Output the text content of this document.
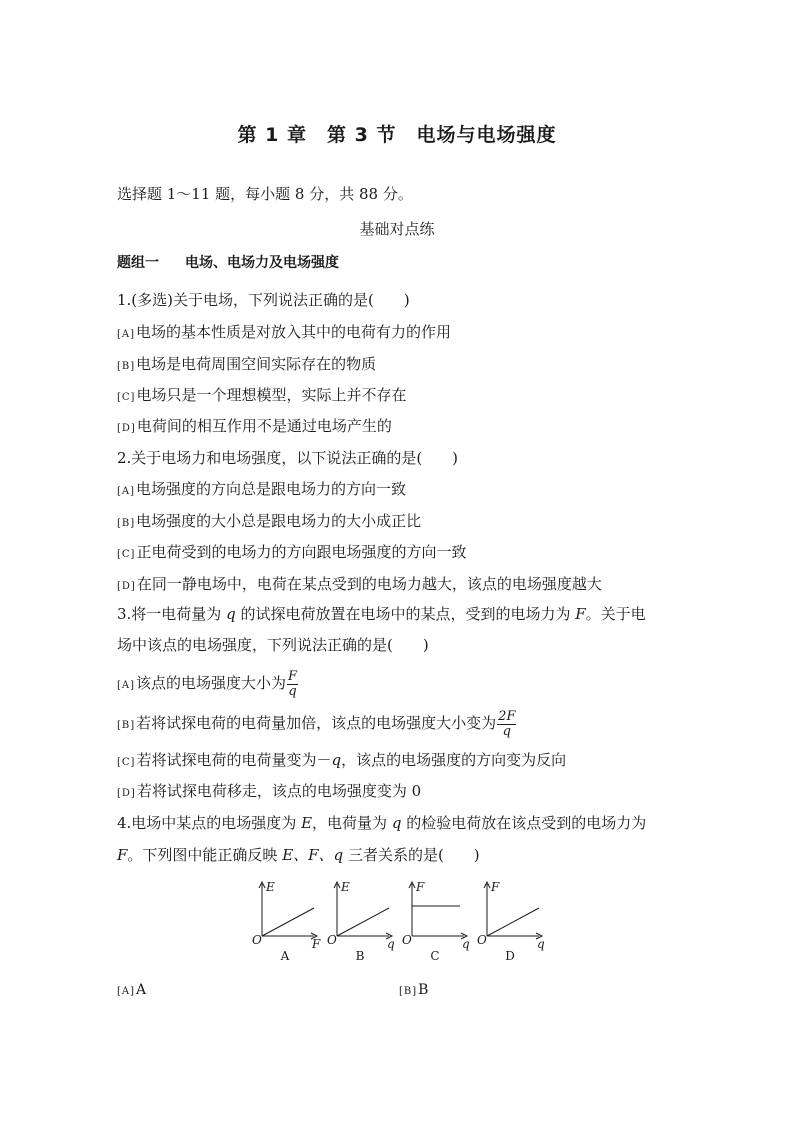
第 1 章　第 3 节　电场与电场强度
选择题 1～11 题，每小题 8 分，共 88 分。
基础对点练
题组一 电场、电场力及电场强度
1.(多选)关于电场，下列说法正确的是(　　)
[A]电场的基本性质是对放入其中的电荷有力的作用
[B]电场是电荷周围空间实际存在的物质
[C]电场只是一个理想模型，实际上并不存在
[D]电荷间的相互作用不是通过电场产生的
2.关于电场力和电场强度，以下说法正确的是(　　)
[A]电场强度的方向总是跟电场力的方向一致
[B]电场强度的大小总是跟电场力的大小成正比
[C]正电荷受到的电场力的方向跟电场强度的方向一致
[D]在同一静电场中，电荷在某点受到的电场力越大，该点的电场强度越大
3.将一电荷量为 q 的试探电荷放置在电场中的某点，受到的电场力为 F。关于电
场中该点的电场强度，下列说法正确的是(　　)
[A]该点的电场强度大小为 $\frac{F}{q}$
[B]若将试探电荷的电荷量加倍，该点的电场强度大小变为 $\frac{2F}{q}$
[C]若将试探电荷的电荷量变为－q，该点的电场强度的方向变为反向
[D]若将试探电荷移走，该点的电场强度变为 0
4.电场中某点的电场强度为 E，电荷量为 q 的检验电荷放在该点受到的电场力为
F。下列图中能正确反映 E、F、q 三者关系的是(　　)
E
F
O
A
E
q
O
B
F
q
O
C
F
q
O
D
[A]A	[B]B
